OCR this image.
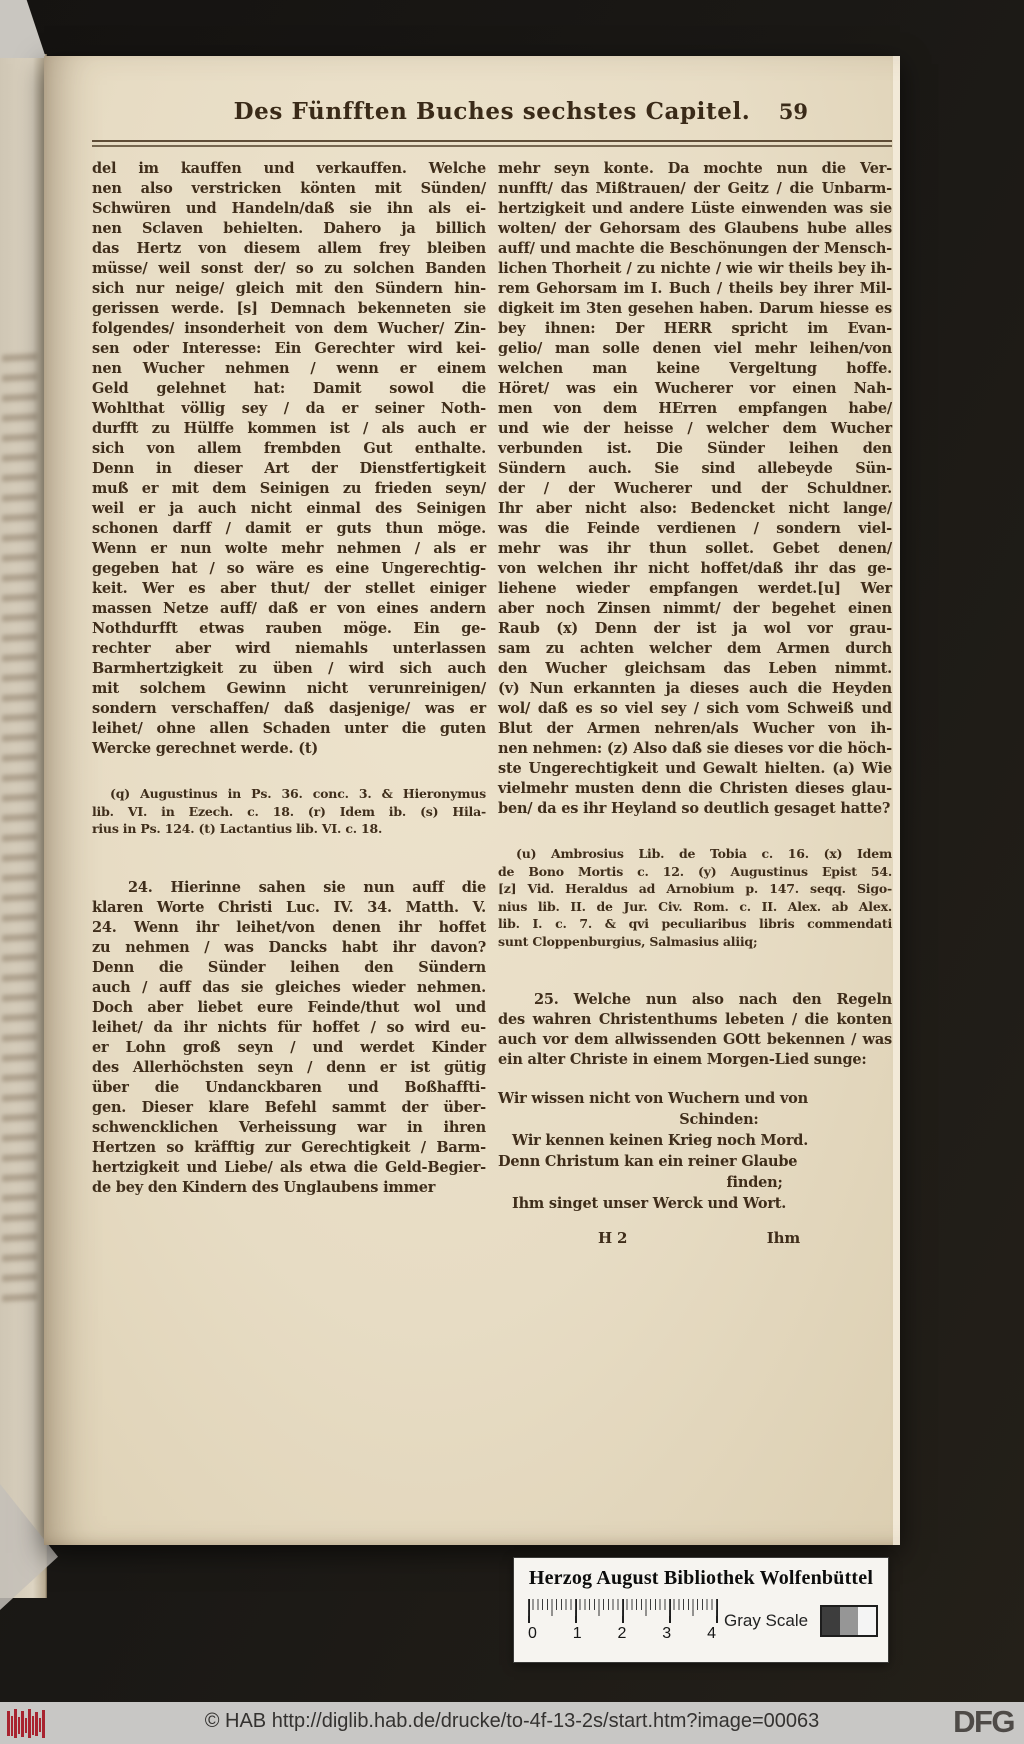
Des Fünfften Buches sechstes Capitel.	59
del im kauffen und verkauffen. Welche
nen also verstricken könten mit Sünden/
Schwüren und Handeln/daß sie ihn als ei-
nen Sclaven behielten. Dahero ja billich
das Hertz von diesem allem frey bleiben
müsse/ weil sonst der/ so zu solchen Banden
sich nur neige/ gleich mit den Sündern hin-
gerissen werde. [s] Demnach bekenneten sie
folgendes/ insonderheit von dem Wucher/ Zin-
sen oder Interesse: Ein Gerechter wird kei-
nen Wucher nehmen / wenn er einem
Geld gelehnet hat: Damit sowol die
Wohlthat völlig sey / da er seiner Noth-
durfft zu Hülffe kommen ist / als auch er
sich von allem frembden Gut enthalte.
Denn in dieser Art der Dienstfertigkeit
muß er mit dem Seinigen zu frieden seyn/
weil er ja auch nicht einmal des Seinigen
schonen darff / damit er guts thun möge.
Wenn er nun wolte mehr nehmen / als er
gegeben hat / so wäre es eine Ungerechtig-
keit. Wer es aber thut/ der stellet einiger
massen Netze auff/ daß er von eines andern
Nothdurfft etwas rauben möge. Ein ge-
rechter aber wird niemahls unterlassen
Barmhertzigkeit zu üben / wird sich auch
mit solchem Gewinn nicht verunreinigen/
sondern verschaffen/ daß dasjenige/ was er
leihet/ ohne allen Schaden unter die guten
Wercke gerechnet werde. (t)
(q) Augustinus in Ps. 36. conc. 3. & Hieronymus
lib. VI. in Ezech. c. 18. (r) Idem ib. (s) Hila-
rius in Ps. 124. (t) Lactantius lib. VI. c. 18.
24. Hierinne sahen sie nun auff die
klaren Worte Christi Luc. IV. 34. Matth. V.
24. Wenn ihr leihet/von denen ihr hoffet
zu nehmen / was Dancks habt ihr davon?
Denn die Sünder leihen den Sündern
auch / auff das sie gleiches wieder nehmen.
Doch aber liebet eure Feinde/thut wol und
leihet/ da ihr nichts für hoffet / so wird eu-
er Lohn groß seyn / und werdet Kinder
des Allerhöchsten seyn / denn er ist gütig
über die Undanckbaren und Boßhaffti-
gen. Dieser klare Befehl sammt der über-
schwencklichen Verheissung war in ihren
Hertzen so kräfftig zur Gerechtigkeit / Barm-
hertzigkeit und Liebe/ als etwa die Geld-Begier-
de bey den Kindern des Unglaubens immer
mehr seyn konte. Da mochte nun die Ver-
nunfft/ das Mißtrauen/ der Geitz / die Unbarm-
hertzigkeit und andere Lüste einwenden was sie
wolten/ der Gehorsam des Glaubens hube alles
auff/ und machte die Beschönungen der Mensch-
lichen Thorheit / zu nichte / wie wir theils bey ih-
rem Gehorsam im I. Buch / theils bey ihrer Mil-
digkeit im 3ten gesehen haben. Darum hiesse es
bey ihnen: Der HERR spricht im Evan-
gelio/ man solle denen viel mehr leihen/von
welchen man keine Vergeltung hoffe.
Höret/ was ein Wucherer vor einen Nah-
men von dem HErren empfangen habe/
und wie der heisse / welcher dem Wucher
verbunden ist. Die Sünder leihen den
Sündern auch. Sie sind allebeyde Sün-
der / der Wucherer und der Schuldner.
Ihr aber nicht also: Bedencket nicht lange/
was die Feinde verdienen / sondern viel-
mehr was ihr thun sollet. Gebet denen/
von welchen ihr nicht hoffet/daß ihr das ge-
liehene wieder empfangen werdet.[u] Wer
aber noch Zinsen nimmt/ der begehet einen
Raub (x) Denn der ist ja wol vor grau-
sam zu achten welcher dem Armen durch
den Wucher gleichsam das Leben nimmt.
(v) Nun erkannten ja dieses auch die Heyden
wol/ daß es so viel sey / sich vom Schweiß und
Blut der Armen nehren/als Wucher von ih-
nen nehmen: (z) Also daß sie dieses vor die höch-
ste Ungerechtigkeit und Gewalt hielten. (a) Wie
vielmehr musten denn die Christen dieses glau-
ben/ da es ihr Heyland so deutlich gesaget hatte?
(u) Ambrosius Lib. de Tobia c. 16. (x) Idem
de Bono Mortis c. 12. (y) Augustinus Epist 54.
[z] Vid. Heraldus ad Arnobium p. 147. seqq. Sigo-
nius lib. II. de Jur. Civ. Rom. c. II. Alex. ab Alex.
lib. I. c. 7. & qvi peculiaribus libris commendati
sunt Cloppenburgius, Salmasius aliiq;
25. Welche nun also nach den Regeln
des wahren Christenthums lebeten / die konten
auch vor dem allwissenden GOtt bekennen / was
ein alter Christe in einem Morgen-Lied sunge:
Wir wissen nicht von Wuchern und von
Schinden:
Wir kennen keinen Krieg noch Mord.
Denn Christum kan ein reiner Glaube
finden;
Ihm singet unser Werck und Wort.
H 2	Ihm
Herzog August Bibliothek Wolfenbüttel
0 1 2 3 4
Gray Scale
© HAB http://diglib.hab.de/drucke/to-4f-13-2s/start.htm?image=00063	DFG
